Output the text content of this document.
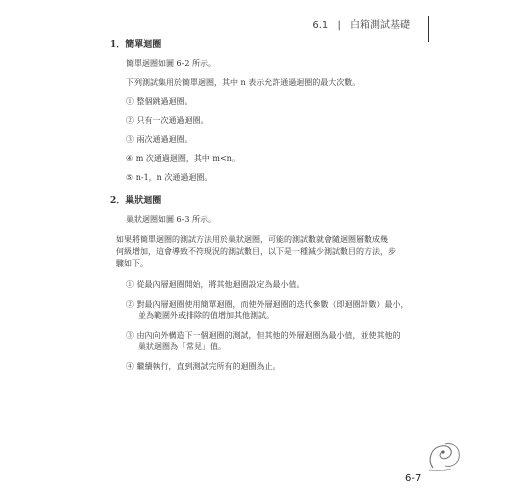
6.1 | 白箱測試基礎
1．簡單迴圈
簡單迴圈如圖 6-2 所示。
下列測試集用於簡單迴圈，其中 n 表示允許通過迴圈的最大次數。
① 整個跳過迴圈。
② 只有一次通過迴圈。
③ 兩次通過迴圈。
④ m 次通過迴圈，其中 m<n。
⑤ n-1，n 次通過迴圈。
2．巢狀迴圈
巢狀迴圈如圖 6-3 所示。
如果將簡單迴圈的測試方法用於巢狀迴圈，可能的測試數就會隨迴圈層數成幾
何級增加，這會導致不符現況的測試數目，以下是一種減少測試數目的方法，步
驟如下。
① 從最內層迴圈開始，將其他迴圈設定為最小值。
② 對最內層迴圈使用簡單迴圈，而使外層迴圈的迭代參數（即迴圈計數）最小，
並為範圍外或排除的值增加其他測試。
③ 由內向外構造下一個迴圈的測試，但其他的外層迴圈為最小值，並使其他的
巢狀迴圈為「常見」值。
④ 繼續執行，直到測試完所有的迴圈為止。
6-7
